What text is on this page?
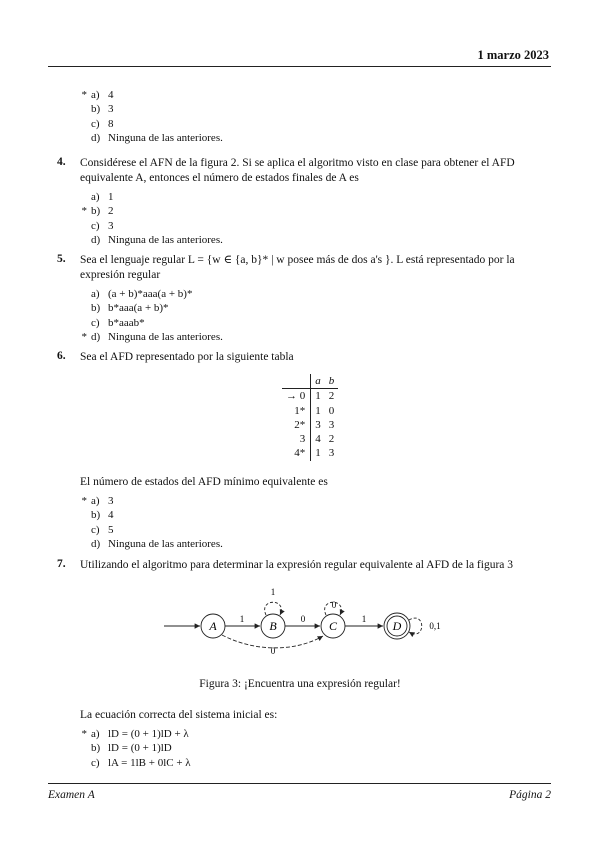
1 marzo 2023
* a) 4
b) 3
c) 8
d) Ninguna de las anteriores.
4. Considérese el AFN de la figura 2. Si se aplica el algoritmo visto en clase para obtener el AFD
equivalente A, entonces el número de estados finales de A es
a) 1
* b) 2
c) 3
d) Ninguna de las anteriores.
5. Sea el lenguaje regular L = {w ∈ {a, b}* | w posee más de dos a's }. L está representado por la
expresión regular
a) (a + b)*aaa(a + b)*
b) b*aaa(a + b)*
c) b*aaab*
* d) Ninguna de las anteriores.
6. Sea el AFD representado por la siguiente tabla
	a	b
→ 0	1	2
1*	1	0
2*	3	3
3	4	2
4*	1	3
El número de estados del AFD mínimo equivalente es
* a) 3
b) 4
c) 5
d) Ninguna de las anteriores.
7. Utilizando el algoritmo para determinar la expresión regular equivalente al AFD de la figura 3
A	B	C	D
1
1
0
0
1
0,1
0
Figura 3: ¡Encuentra una expresión regular!
La ecuación correcta del sistema inicial es:
* a) lD = (0 + 1)lD + λ
b) lD = (0 + 1)lD
c) lA = 1lB + 0lC + λ
Examen A	Página 2
